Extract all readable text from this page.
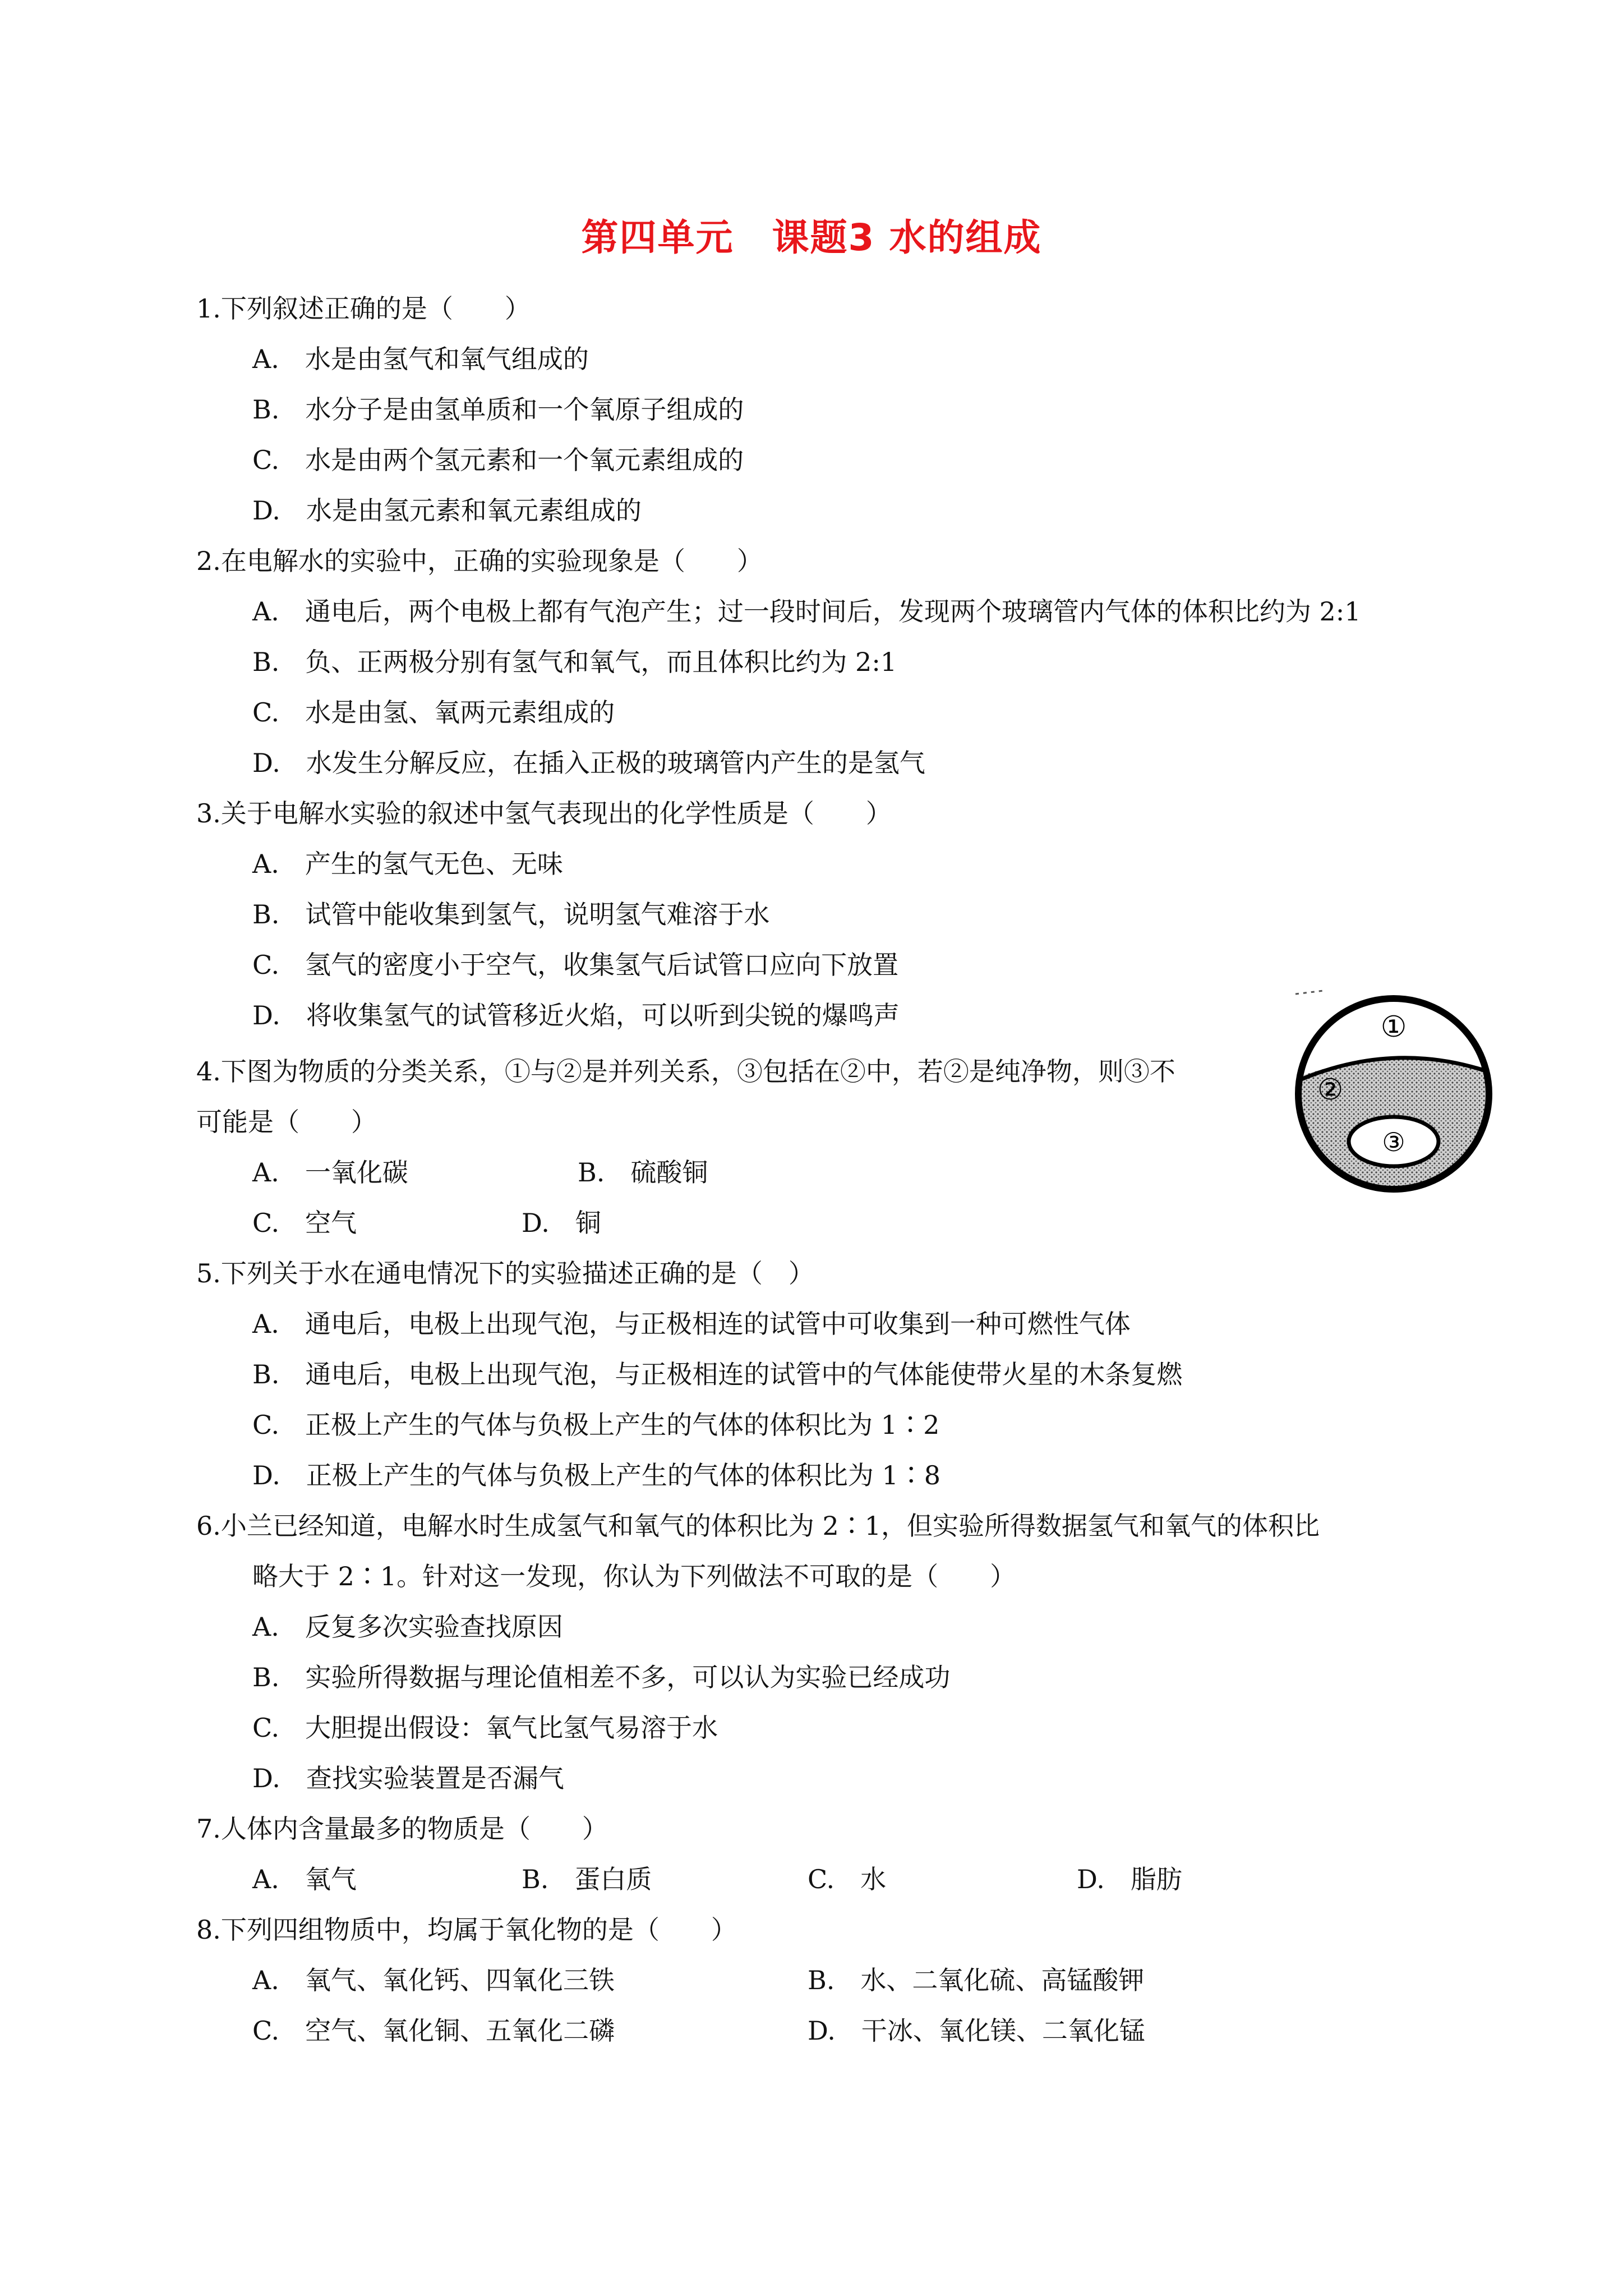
第四单元　课题3 水的组成
1.下列叙述正确的是（　　）
A.　水是由氢气和氧气组成的
B.　水分子是由氢单质和一个氧原子组成的
C.　水是由两个氢元素和一个氧元素组成的
D.　水是由氢元素和氧元素组成的
2.在电解水的实验中，正确的实验现象是（　　）
A.　通电后，两个电极上都有气泡产生；过一段时间后，发现两个玻璃管内气体的体积比约为 2:1
B.　负、正两极分别有氢气和氧气，而且体积比约为 2:1
C.　水是由氢、氧两元素组成的
D.　水发生分解反应，在插入正极的玻璃管内产生的是氢气
3.关于电解水实验的叙述中氢气表现出的化学性质是（　　）
A.　产生的氢气无色、无味
B.　试管中能收集到氢气，说明氢气难溶于水
C.　氢气的密度小于空气，收集氢气后试管口应向下放置
D.　将收集氢气的试管移近火焰，可以听到尖锐的爆鸣声
4.下图为物质的分类关系，①与②是并列关系，③包括在②中，若②是纯净物，则③不
可能是（　　）
A.　一氧化碳	B.　硫酸铜
C.　空气	D.　铜
①
②
③
5.下列关于水在通电情况下的实验描述正确的是（　）
A.　通电后，电极上出现气泡，与正极相连的试管中可收集到一种可燃性气体
B.　通电后，电极上出现气泡，与正极相连的试管中的气体能使带火星的木条复燃
C.　正极上产生的气体与负极上产生的气体的体积比为 1∶2
D.　正极上产生的气体与负极上产生的气体的体积比为 1∶8
6.小兰已经知道，电解水时生成氢气和氧气的体积比为 2∶1，但实验所得数据氢气和氧气的体积比
略大于 2∶1。针对这一发现，你认为下列做法不可取的是（　　）
A.　反复多次实验查找原因
B.　实验所得数据与理论值相差不多，可以认为实验已经成功
C.　大胆提出假设：氧气比氢气易溶于水
D.　查找实验装置是否漏气
7.人体内含量最多的物质是（　　）
A.　氧气	B.　蛋白质	C.　水	D.　脂肪
8.下列四组物质中，均属于氧化物的是（　　）
A.　氧气、氧化钙、四氧化三铁	B.　水、二氧化硫、高锰酸钾
C.　空气、氧化铜、五氧化二磷	D.　干冰、氧化镁、二氧化锰
